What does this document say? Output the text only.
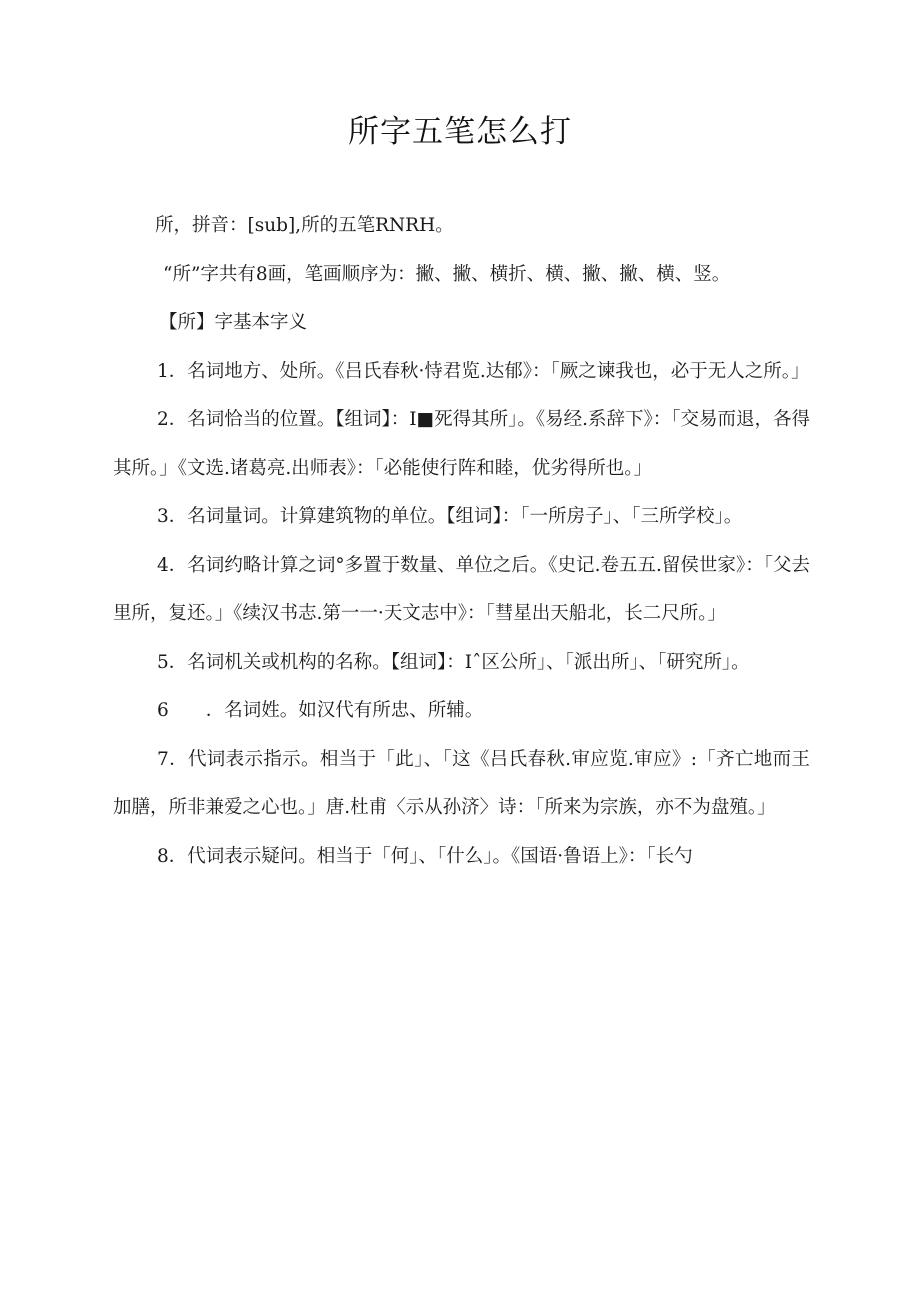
所字五笔怎么打

所，拼音：[sub],所的五笔RNRH。

“所”字共有8画，笔画顺序为：撇、撇、横折、横、撇、撇、横、竖。

【所】字基本字义

1．名词地方、处所。《吕氏春秋·恃君览.达郁》：「厥之谏我也，必于无人之所。」

2．名词恰当的位置。【组词】：I■死得其所」。《易经.系辞下》：「交易而退，各得其所。」《文选.诸葛亮.出师表》：「必能使行阵和睦，优劣得所也。」

3．名词量词。计算建筑物的单位。【组词】：「一所房子」、「三所学校」。

4．名词约略计算之词°多置于数量、单位之后。《史记.卷五五.留侯世家》：「父去里所，复还。」《续汉书志.第一一·天文志中》：「彗星出天船北，长二尺所。」

5．名词机关或机构的名称。【组词】：Iˆ区公所」、「派出所」、「研究所」。

6　　．名词姓。如汉代有所忠、所辅。

7．代词表示指示。相当于「此」、「这《吕氏春秋.审应览.审应》:「齐亡地而王加膳，所非兼爱之心也。」唐.杜甫〈示从孙济〉诗：「所来为宗族，亦不为盘殖。」

8．代词表示疑问。相当于「何」、「什么」。《国语·鲁语上》：「长勺
